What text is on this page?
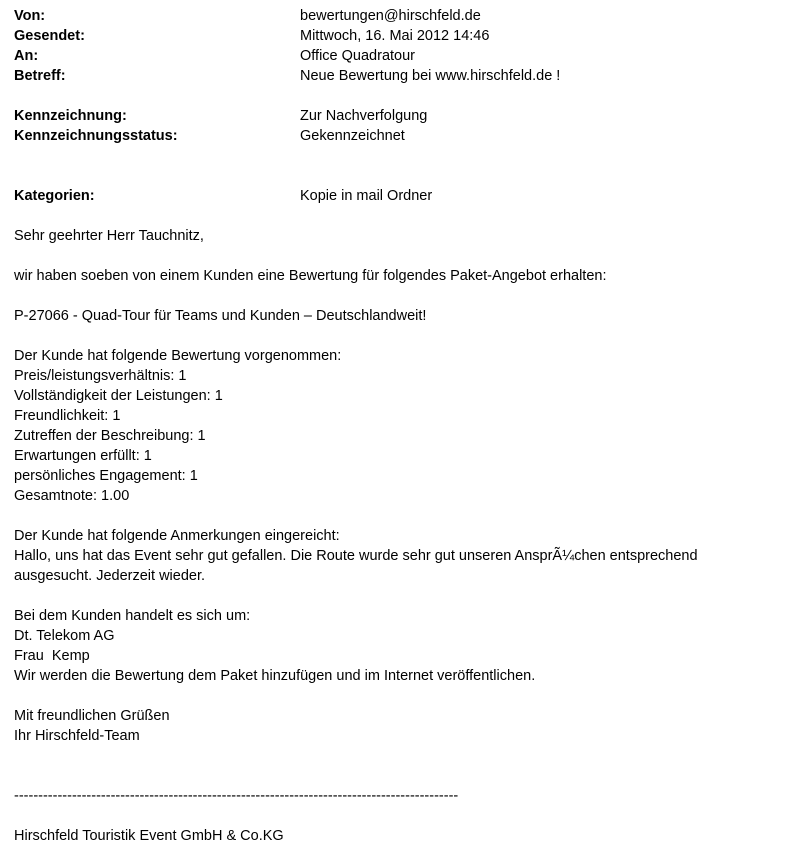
Von:	bewertungen@hirschfeld.de
Gesendet:	Mittwoch, 16. Mai 2012 14:46
An:	Office Quadratour
Betreff:	Neue Bewertung bei www.hirschfeld.de !
Kennzeichnung:	Zur Nachverfolgung
Kennzeichnungsstatus:	Gekennzeichnet
Kategorien:	Kopie in mail Ordner
Sehr geehrter Herr Tauchnitz,
wir haben soeben von einem Kunden eine Bewertung für folgendes Paket-Angebot erhalten:
P-27066 - Quad-Tour für Teams und Kunden – Deutschlandweit!
Der Kunde hat folgende Bewertung vorgenommen:
Preis/leistungsverhältnis: 1
Vollständigkeit der Leistungen: 1
Freundlichkeit: 1
Zutreffen der Beschreibung: 1
Erwartungen erfüllt: 1
persönliches Engagement: 1
Gesamtnote: 1.00
Der Kunde hat folgende Anmerkungen eingereicht:
Hallo, uns hat das Event sehr gut gefallen. Die Route wurde sehr gut unseren AnsprÃ¼chen entsprechend ausgesucht. Jederzeit wieder.
Bei dem Kunden handelt es sich um:
Dt. Telekom AG
Frau  Kemp
Wir werden die Bewertung dem Paket hinzufügen und im Internet veröffentlichen.
Mit freundlichen Grüßen
Ihr Hirschfeld-Team
--------------------------------------------------------------------------------------------
Hirschfeld Touristik Event GmbH & Co.KG
